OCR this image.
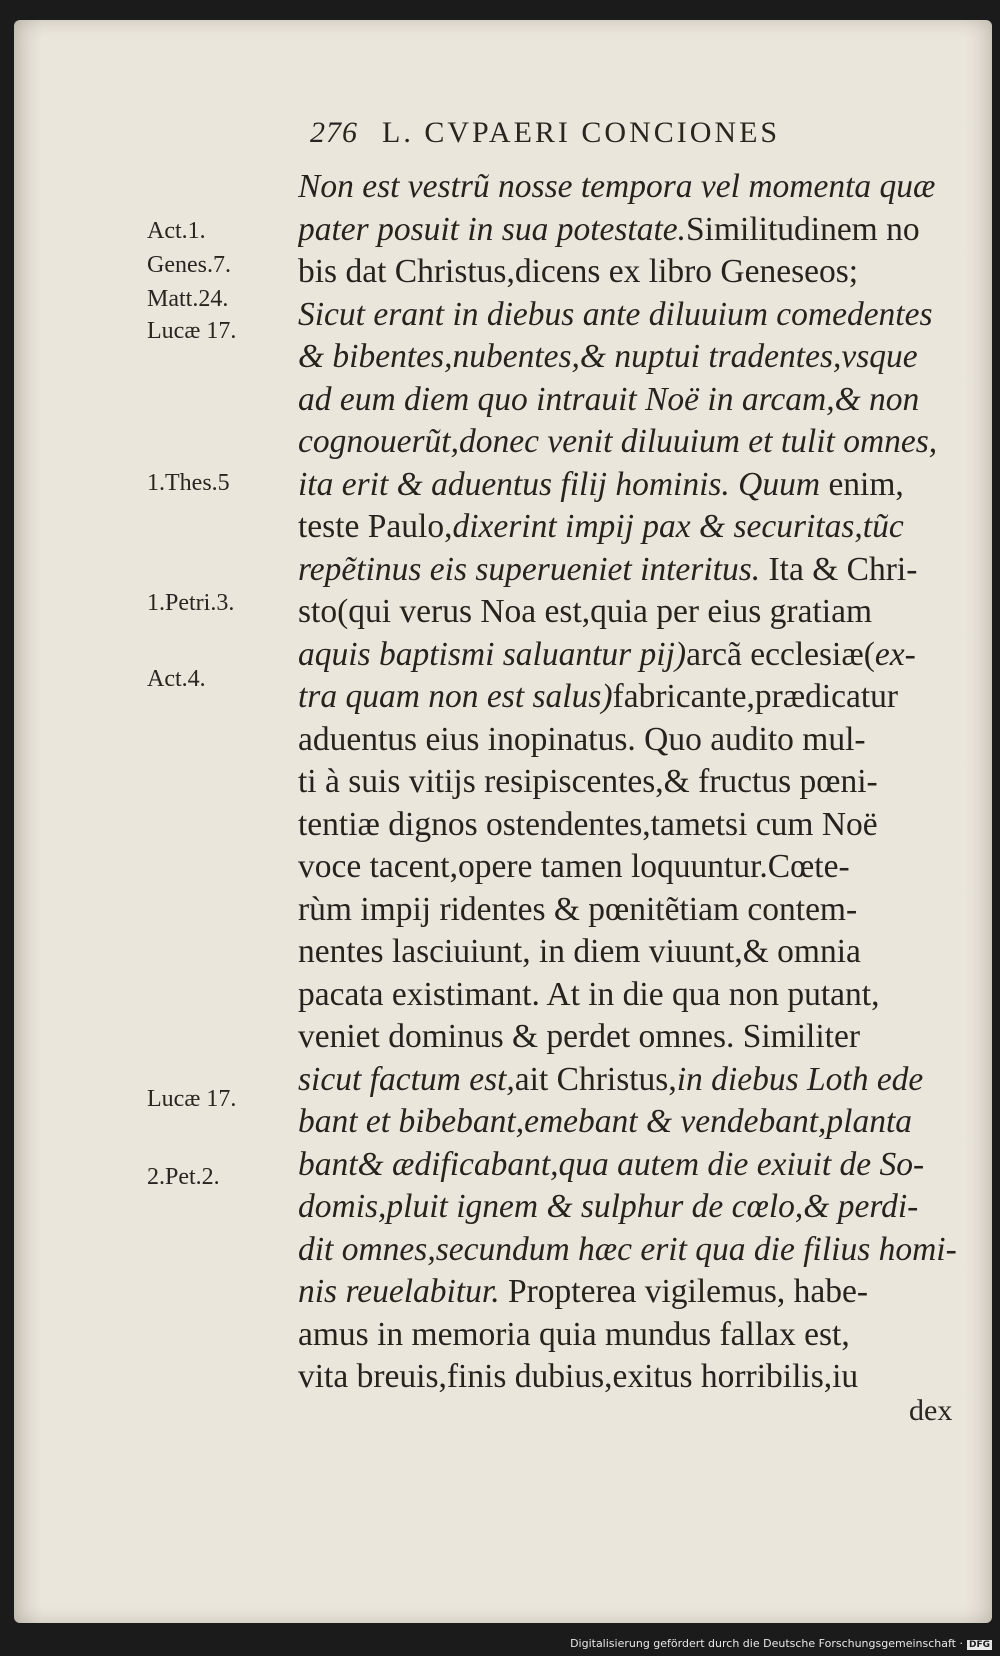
276 L. CVPAERI CONCIONES
Act.1.
Genes.7.
Matt.24.
Lucæ 17.
1.Thes.5
1.Petri.3.
Act.4.
Lucæ 17.
2.Pet.2.
Non est vestrũ nosse tempora vel momenta quæ
pater posuit in sua potestate.Similitudinem no
bis dat Christus,dicens ex libro Geneseos;
Sicut erant in diebus ante diluuium comedentes
& bibentes,nubentes,& nuptui tradentes,vsque
ad eum diem quo intrauit Noë in arcam,& non
cognouerũt,donec venit diluuium et tulit omnes,
ita erit & aduentus filij hominis. Quum enim,
teste Paulo,dixerint impij pax & securitas,tũc
repẽtinus eis superueniet interitus. Ita & Chri-
sto(qui verus Noa est,quia per eius gratiam
aquis baptismi saluantur pij)arcã ecclesiæ(ex-
tra quam non est salus)fabricante,prædicatur
aduentus eius inopinatus. Quo audito mul-
ti à suis vitijs resipiscentes,& fructus pœni-
tentiæ dignos ostendentes,tametsi cum Noë
voce tacent,opere tamen loquuntur.Cœte-
rùm impij ridentes & pœnitẽtiam contem-
nentes lasciuiunt, in diem viuunt,& omnia
pacata existimant. At in die qua non putant,
veniet dominus & perdet omnes. Similiter
sicut factum est,ait Christus,in diebus Loth ede
bant et bibebant,emebant & vendebant,planta
bant& ædificabant,qua autem die exiuit de So-
domis,pluit ignem & sulphur de cœlo,& perdi-
dit omnes,secundum hæc erit qua die filius homi-
nis reuelabitur. Propterea vigilemus, habe-
amus in memoria quia mundus fallax est,
vita breuis,finis dubius,exitus horribilis,iu
dex
Digitalisierung gefördert durch die Deutsche Forschungsgemeinschaft · DFG
